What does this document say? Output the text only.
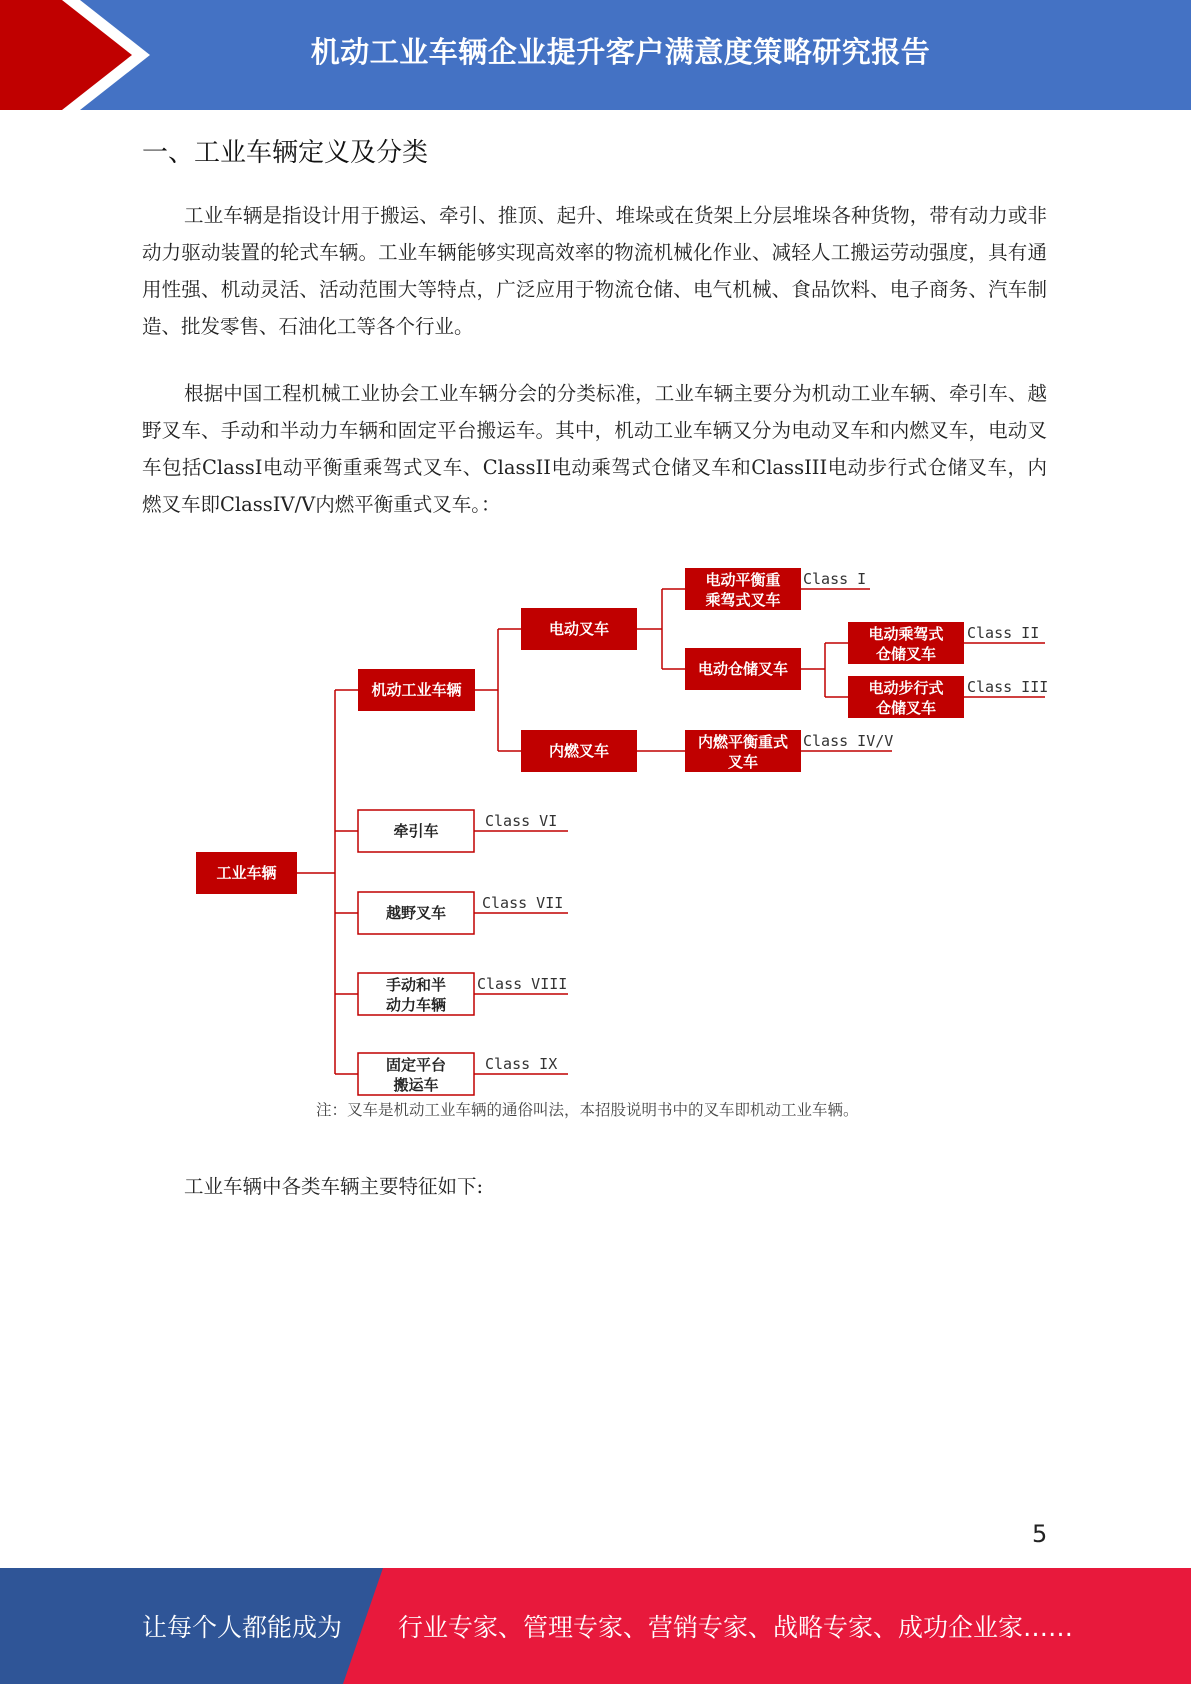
机动工业车辆企业提升客户满意度策略研究报告
一、工业车辆定义及分类

工业车辆是指设计用于搬运、牵引、推顶、起升、堆垛或在货架上分层堆垛各种货物，带有动力或非动力驱动装置的轮式车辆。工业车辆能够实现高效率的物流机械化作业、减轻人工搬运劳动强度，具有通用性强、机动灵活、活动范围大等特点，广泛应用于物流仓储、电气机械、食品饮料、电子商务、汽车制造、批发零售、石油化工等各个行业。

根据中国工程机械工业协会工业车辆分会的分类标准，工业车辆主要分为机动工业车辆、牵引车、越野叉车、手动和半动力车辆和固定平台搬运车。其中，机动工业车辆又分为电动叉车和内燃叉车，电动叉车包括ClassI电动平衡重乘驾式叉车、ClassII电动乘驾式仓储叉车和ClassIII电动步行式仓储叉车，内燃叉车即ClassIV/V内燃平衡重式叉车。：

工业车辆
机动工业车辆
电动叉车
内燃叉车
电动平衡重
乘驾式叉车
Class I
电动仓储叉车
电动乘驾式
仓储叉车
Class II
电动步行式
仓储叉车
Class III
内燃平衡重式
叉车
Class IV/V
牵引车
Class VI
越野叉车
Class VII
手动和半
动力车辆
Class VIII
固定平台
搬运车
Class IX
注：叉车是机动工业车辆的通俗叫法，本招股说明书中的叉车即机动工业车辆。

工业车辆中各类车辆主要特征如下:

5
让每个人都能成为 行业专家、管理专家、营销专家、战略专家、成功企业家……
